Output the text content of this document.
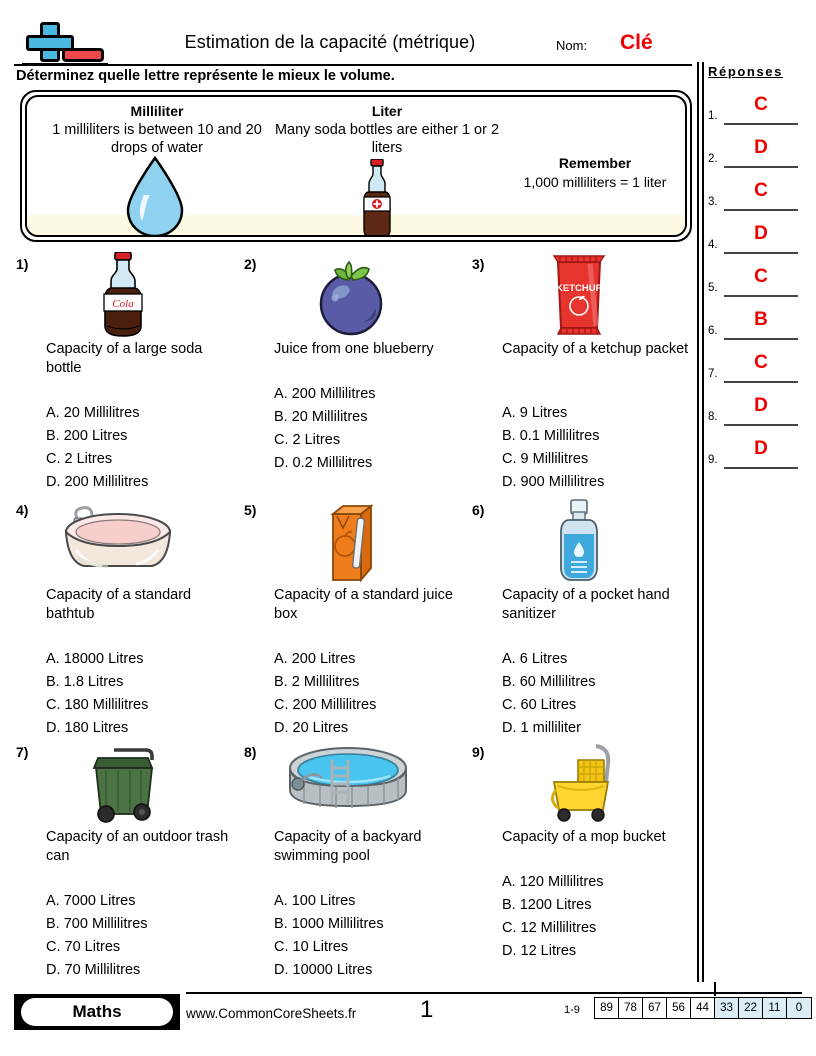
Estimation de la capacité (métrique)	Nom: Clé
Déterminez quelle lettre représente le mieux le volume.
Milliliter
1 milliliters is between 10 and 20 drops of water
Liter
Many soda bottles are either 1 or 2 liters
Remember
1,000 milliliters = 1 liter
1)
Cola
Capacity of a large soda bottle
A. 20 Millilitres
B. 200 Litres
C. 2 Litres
D. 200 Millilitres
2)
Juice from one blueberry
A. 200 Millilitres
B. 20 Millilitres
C. 2 Litres
D. 0.2 Millilitres
3)
KETCHUP
Capacity of a ketchup packet
A. 9 Litres
B. 0.1 Millilitres
C. 9 Millilitres
D. 900 Millilitres
4)
Capacity of a standard bathtub
A. 18000 Litres
B. 1.8 Litres
C. 180 Millilitres
D. 180 Litres
5)
Capacity of a standard juice box
A. 200 Litres
B. 2 Millilitres
C. 200 Millilitres
D. 20 Litres
6)
Capacity of a pocket hand sanitizer
A. 6 Litres
B. 60 Millilitres
C. 60 Litres
D. 1 milliliter
7)
Capacity of an outdoor trash can
A. 7000 Litres
B. 700 Millilitres
C. 70 Litres
D. 70 Millilitres
8)
Capacity of a backyard swimming pool
A. 100 Litres
B. 1000 Millilitres
C. 10 Litres
D. 10000 Litres
9)
Capacity of a mop bucket
A. 120 Millilitres
B. 1200 Litres
C. 12 Millilitres
D. 12 Litres
Réponses
1.
C
2.
D
3.
C
4.
D
5.
C
6.
B
7.
C
8.
D
9.
D
Maths	www.CommonCoreSheets.fr	1	1-9	89 78 67 56 44 33 22	11	0
